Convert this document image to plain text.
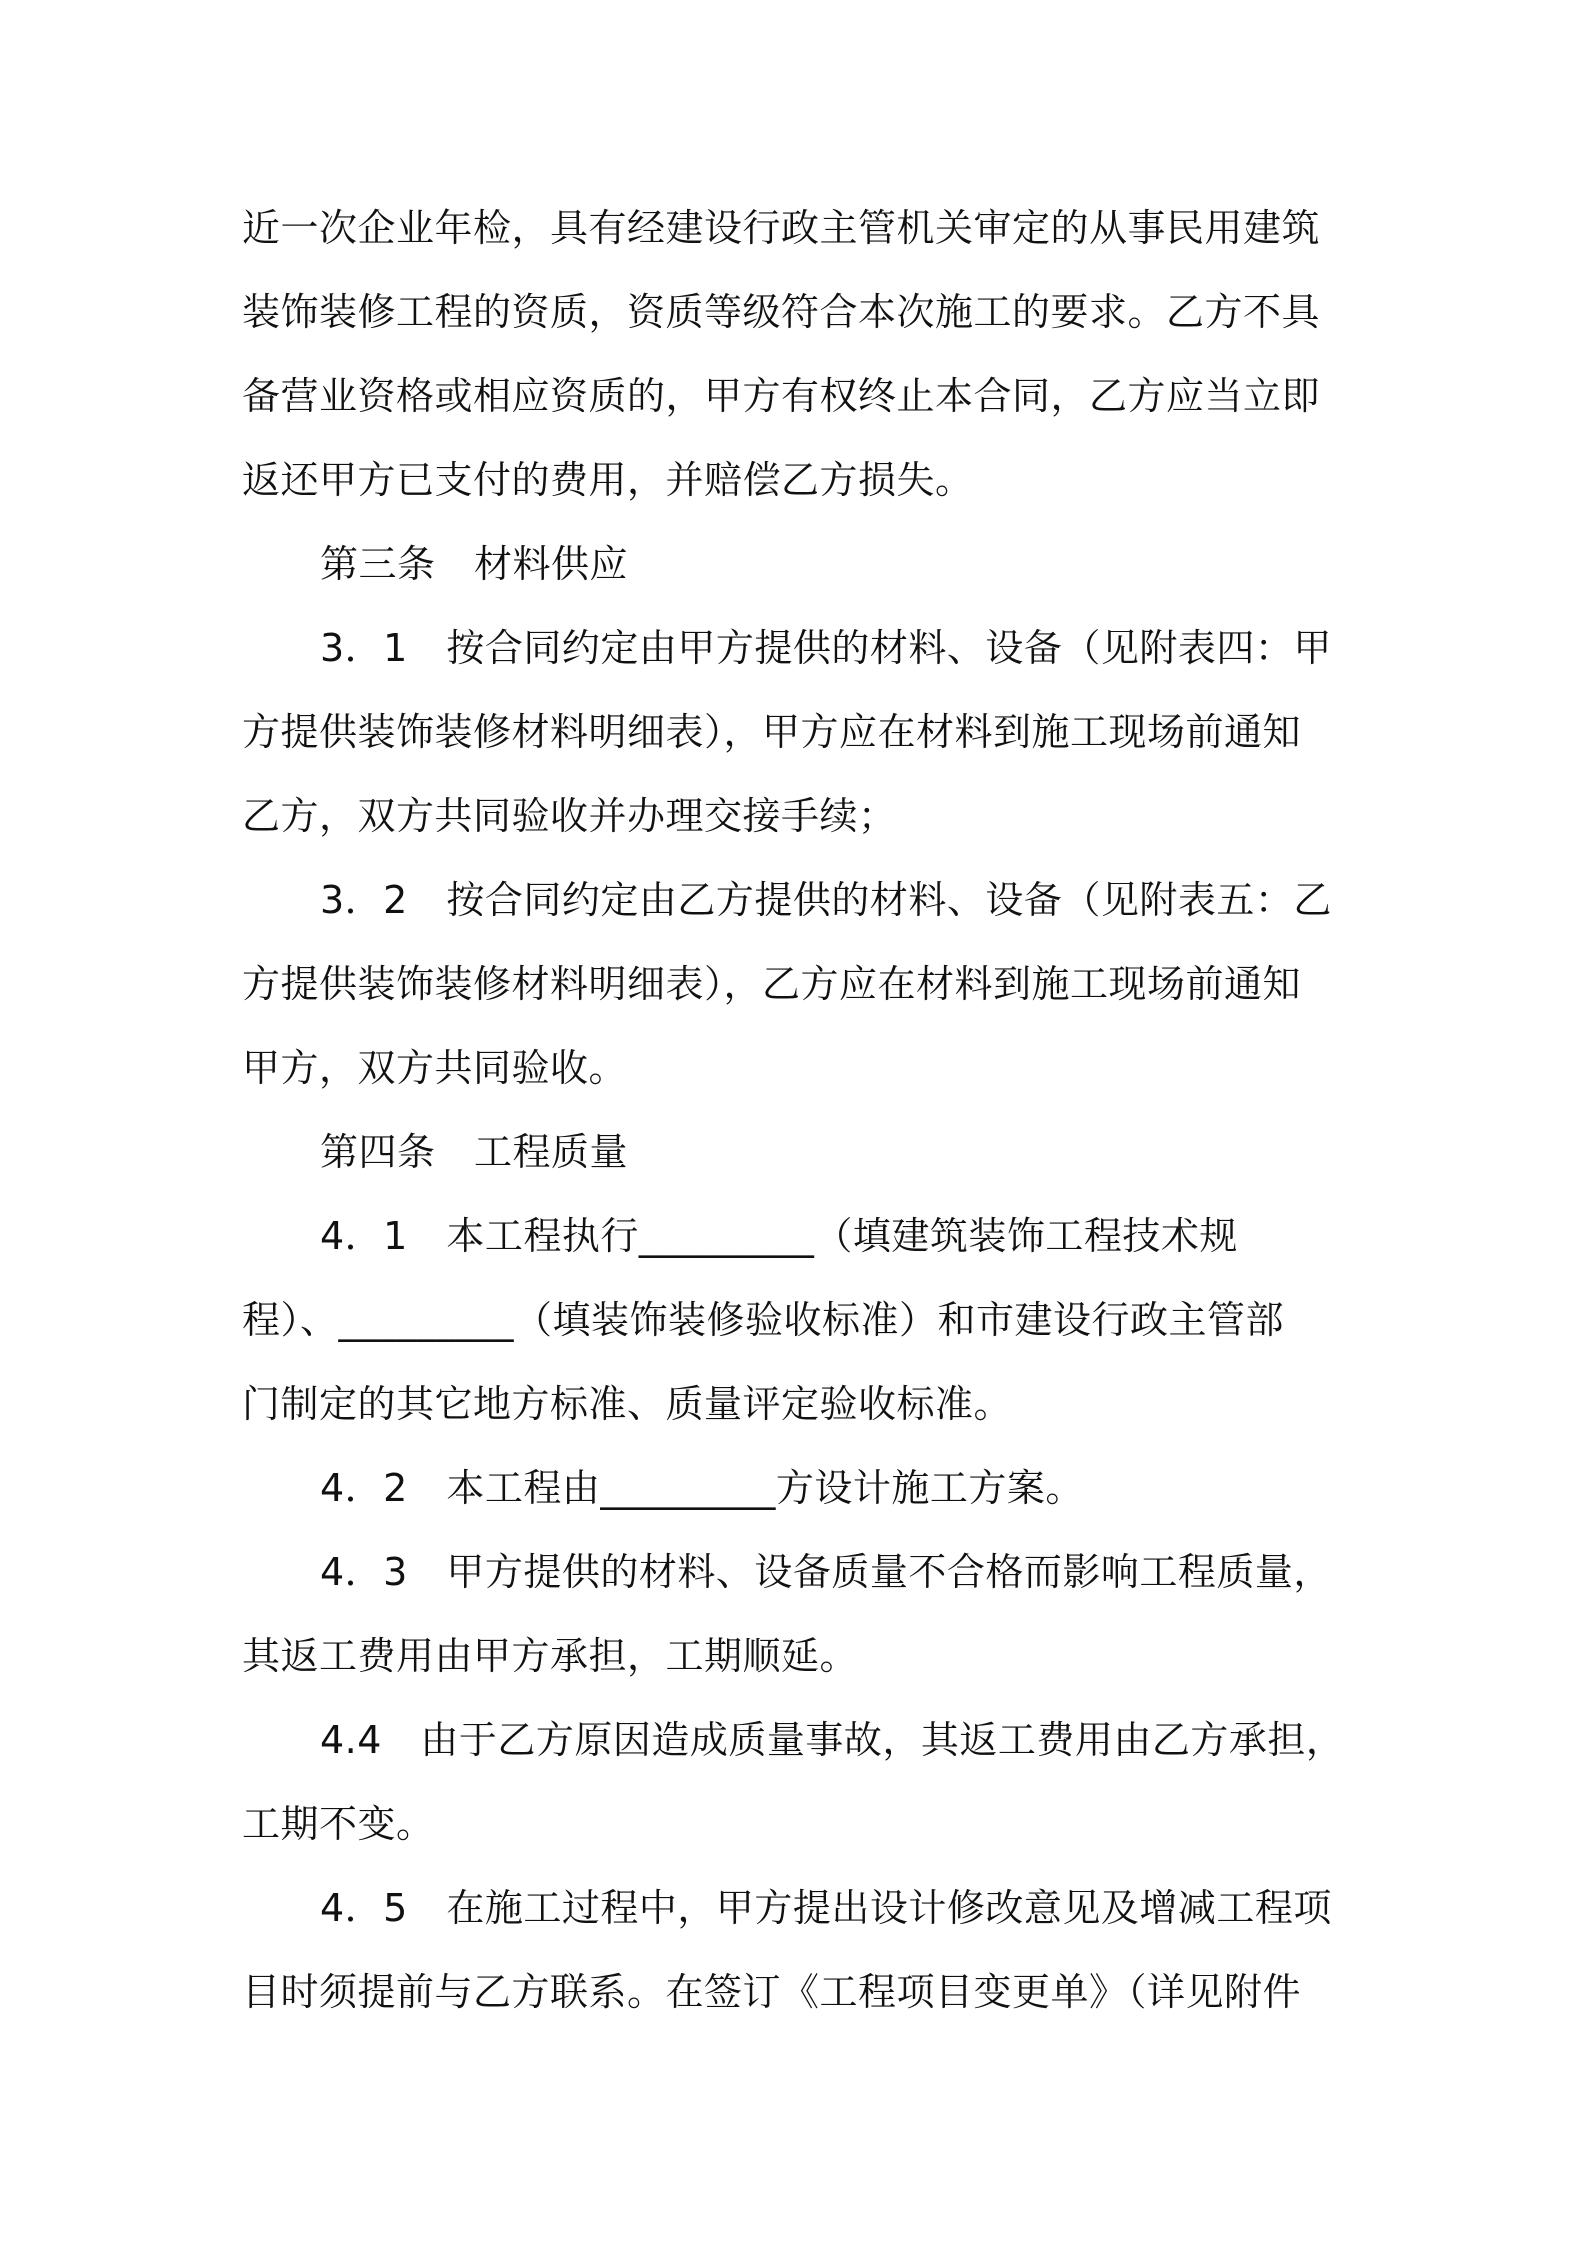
近一次企业年检，具有经建设行政主管机关审定的从事民用建筑
装饰装修工程的资质，资质等级符合本次施工的要求。乙方不具
备营业资格或相应资质的，甲方有权终止本合同，乙方应当立即
返还甲方已支付的费用，并赔偿乙方损失。
第三条　材料供应
3．1　按合同约定由甲方提供的材料、设备（见附表四：甲
方提供装饰装修材料明细表），甲方应在材料到施工现场前通知
乙方，双方共同验收并办理交接手续；
3．2　按合同约定由乙方提供的材料、设备（见附表五：乙
方提供装饰装修材料明细表），乙方应在材料到施工现场前通知
甲方，双方共同验收。
第四条　工程质量
4．1　本工程执行_________（填建筑装饰工程技术规
程）、_________（填装饰装修验收标准）和市建设行政主管部
门制定的其它地方标准、质量评定验收标准。
4．2　本工程由_________方设计施工方案。
4．3　甲方提供的材料、设备质量不合格而影响工程质量，
其返工费用由甲方承担，工期顺延。
4.4　由于乙方原因造成质量事故，其返工费用由乙方承担，
工期不变。
4．5　在施工过程中，甲方提出设计修改意见及增减工程项
目时须提前与乙方联系。在签订《工程项目变更单》（详见附件
